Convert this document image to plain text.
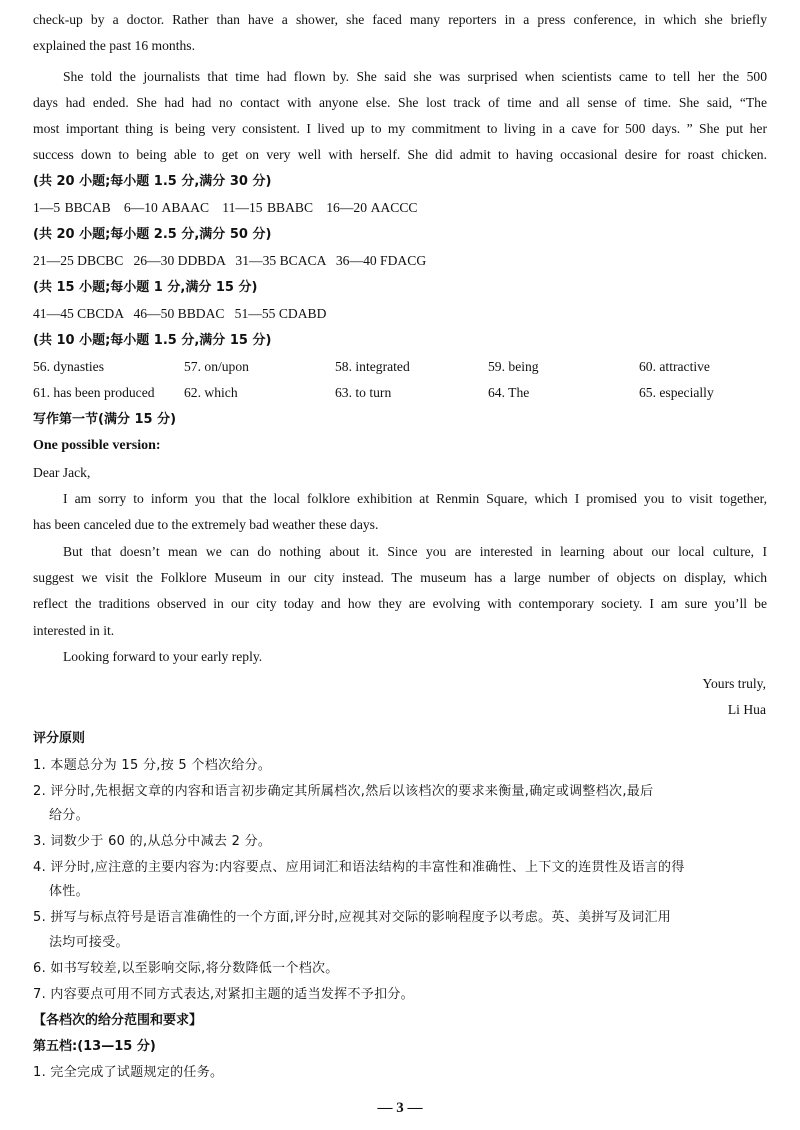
check-up by a doctor. Rather than have a shower, she faced many reporters in a press conference, in which she briefly
explained the past 16 months.
She told the journalists that time had flown by. She said she was surprised when scientists came to tell her the 500
days had ended. She had had no contact with anyone else. She lost track of time and all sense of time. She said, “The
most important thing is being very consistent. I lived up to my commitment to living in a cave for 500 days. ” She put her
success down to being able to get on very well with herself. She did admit to having occasional desire for roast chicken.
(共 20 小题;每小题 1.5 分,满分 30 分)
1—5 BBCAB   6—10 ABAAC   11—15 BBABC   16—20 AACCC
(共 20 小题;每小题 2.5 分,满分 50 分)
21—25 DBCBC   26—30 DDBDA   31—35 BCACA   36—40 FDACG
(共 15 小题;每小题 1 分,满分 15 分)
41—45 CBCDA   46—50 BBDAC   51—55 CDABD
(共 10 小题;每小题 1.5 分,满分 15 分)
56. dynasties	57. on/upon	58. integrated	59. being	60. attractive
61. has been produced 62. which	63. to turn	64. The	65. especially
写作第一节(满分 15 分)
One possible version:
Dear Jack,
I am sorry to inform you that the local folklore exhibition at Renmin Square, which I promised you to visit together,
has been canceled due to the extremely bad weather these days.
But that doesn’t mean we can do nothing about it. Since you are interested in learning about our local culture, I
suggest we visit the Folklore Museum in our city instead. The museum has a large number of objects on display, which
reflect the traditions observed in our city today and how they are evolving with contemporary society. I am sure you’ll be
interested in it.
Looking forward to your early reply.
Yours truly,
Li Hua
评分原则
1. 本题总分为 15 分,按 5 个档次给分。
2. 评分时,先根据文章的内容和语言初步确定其所属档次,然后以该档次的要求来衡量,确定或调整档次,最后
给分。
3. 词数少于 60 的,从总分中减去 2 分。
4. 评分时,应注意的主要内容为:内容要点、应用词汇和语法结构的丰富性和准确性、上下文的连贯性及语言的得
体性。
5. 拼写与标点符号是语言准确性的一个方面,评分时,应视其对交际的影响程度予以考虑。英、美拼写及词汇用
法均可接受。
6. 如书写较差,以至影响交际,将分数降低一个档次。
7. 内容要点可用不同方式表达,对紧扣主题的适当发挥不予扣分。
【各档次的给分范围和要求】
第五档:(13—15 分)
1. 完全完成了试题规定的任务。
— 3 —
